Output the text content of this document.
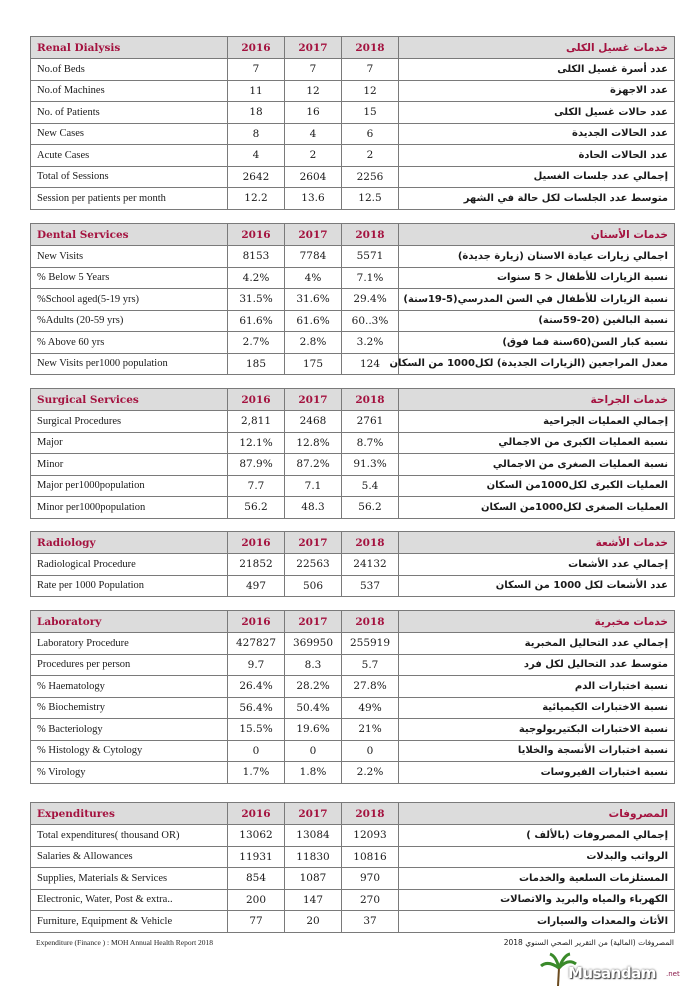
Renal Dialysis	2016	2017	2018	خدمات غسيل الكلى
No.of Beds	7	7	7	عدد أسرة غسيل الكلى
No.of Machines	11	12	12	عدد الاجهزة
No. of Patients	18	16	15	عدد حالات غسيل الكلى
New Cases	8	4	6	عدد الحالات الجديدة
Acute Cases	4	2	2	عدد الحالات الحادة
Total of Sessions	2642	2604	2256	إجمالي عدد جلسات الغسيل
Session per patients per month	12.2	13.6	12.5	متوسط عدد الجلسات لكل حالة في الشهر
Dental Services	2016	2017	2018	خدمات الأسنان
New Visits	8153	7784	5571	اجمالي زيارات عيادة الاسنان (زيارة جديدة)
% Below 5 Years	4.2%	4%	7.1%	نسبة الزيارات للأطفال < 5 سنوات
%School aged(5-19 yrs)	31.5%	31.6%	29.4%	نسبة الزيارات للأطفال في السن المدرسي(5-19سنة)
%Adults (20-59 yrs)	61.6%	61.6%	60..3%	نسبة البالغين (20-59سنة)
% Above 60 yrs	2.7%	2.8%	3.2%	نسبة كبار السن(60سنة فما فوق)
New Visits per1000 population	185	175	124	معدل المراجعين (الزيارات الجديدة) لكل1000 من السكان
Surgical Services	2016	2017	2018	خدمات الجراحة
Surgical Procedures	2,811	2468	2761	إجمالي العمليات الجراحية
Major	12.1%	12.8%	8.7%	نسبة العمليات الكبرى من الاجمالي
Minor	87.9%	87.2%	91.3%	نسبة العمليات الصغرى من الاجمالي
Major per1000population	7.7	7.1	5.4	العمليات الكبرى لكل1000من السكان
Minor per1000population	56.2	48.3	56.2	العمليات الصغرى لكل1000من السكان
Radiology	2016	2017	2018	خدمات الأشعة
Radiological Procedure	21852	22563	24132	إجمالي عدد الأشعات
Rate per 1000 Population	497	506	537	عدد الأشعات لكل 1000 من السكان
Laboratory	2016	2017	2018	خدمات مخبرية
Laboratory Procedure	427827	369950	255919	إجمالي عدد التحاليل المخبرية
Procedures per person	9.7	8.3	5.7	متوسط عدد التحاليل لكل فرد
% Haematology	26.4%	28.2%	27.8%	نسبة اختبارات الدم
% Biochemistry	56.4%	50.4%	49%	نسبة الاختبارات الكيميائية
% Bacteriology	15.5%	19.6%	21%	نسبة الاختبارات البكتيريولوجية
% Histology & Cytology	0	0	0	نسبة اختبارات الأنسجة والخلايا
% Virology	1.7%	1.8%	2.2%	نسبة اختبارات الفيروسات
Expenditures	2016	2017	2018	المصروفات
Total expenditures( thousand OR)	13062	13084	12093	إجمالي المصروفات (بالألف )
Salaries & Allowances	11931	11830	10816	الرواتب والبدلات
Supplies, Materials & Services	854	1087	970	المستلزمات السلعية والخدمات
Electronic, Water, Post & extra..	200	147	270	الكهرباء والمياه والبريد والاتصالات
Furniture, Equipment & Vehicle	77	20	37	الأثاث والمعدات والسيارات
Expenditure (Finance ) : MOH Annual Health Report 2018	المصروفات (المالية) من التقرير الصحي السنوي 2018
Musandam .net
